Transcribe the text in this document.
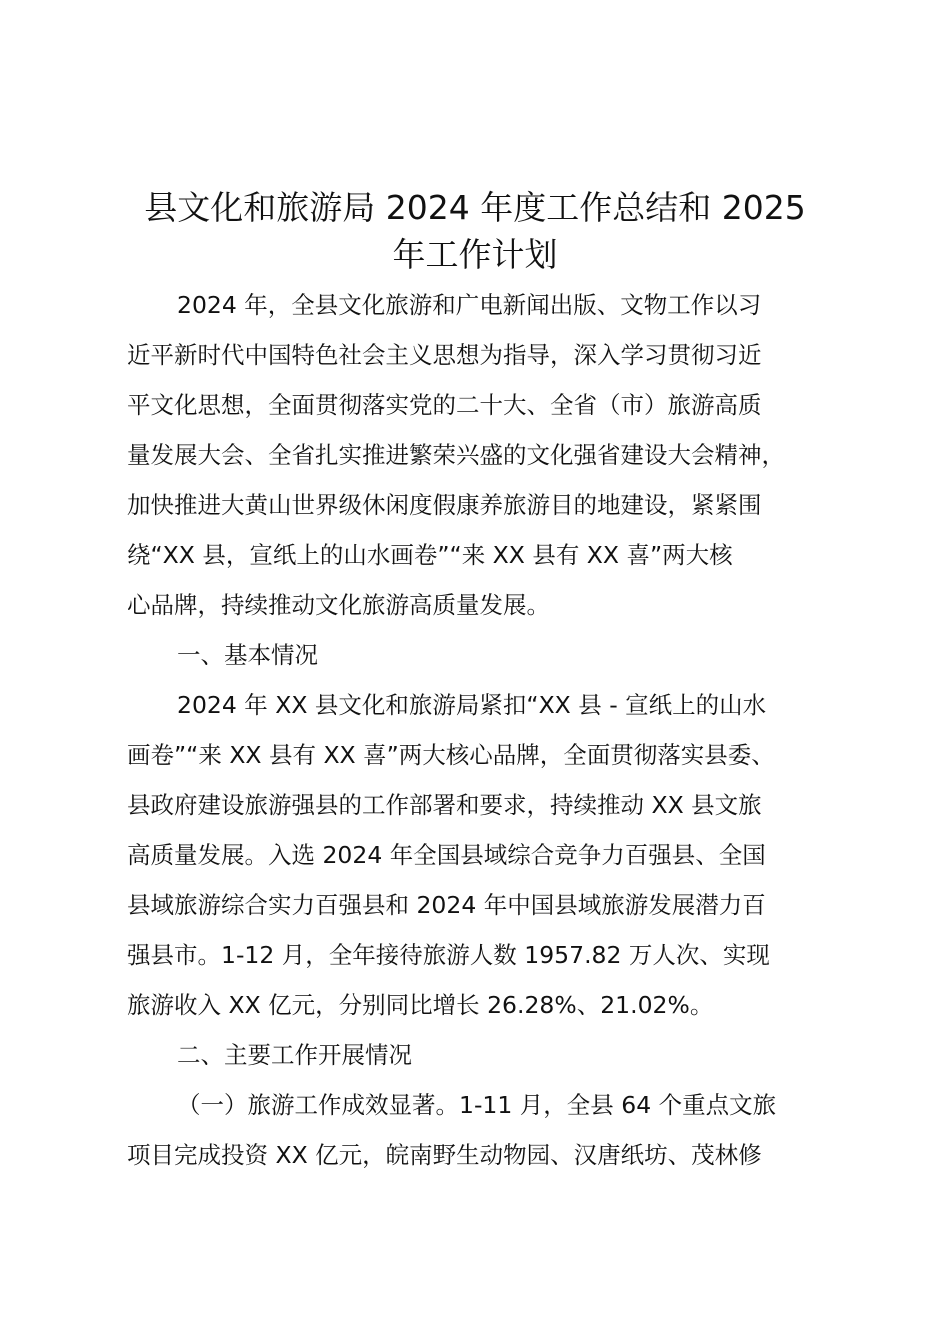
县文化和旅游局 2024 年度工作总结和 2025
年工作计划
2024 年，全县文化旅游和广电新闻出版、文物工作以习
近平新时代中国特色社会主义思想为指导，深入学习贯彻习近
平文化思想，全面贯彻落实党的二十大、全省（市）旅游高质
量发展大会、全省扎实推进繁荣兴盛的文化强省建设大会精神，
加快推进大黄山世界级休闲度假康养旅游目的地建设，紧紧围
绕“XX 县，宣纸上的山水画卷”“来 XX 县有 XX 喜”两大核
心品牌，持续推动文化旅游高质量发展。
一、基本情况
2024 年 XX 县文化和旅游局紧扣“XX 县 - 宣纸上的山水
画卷”“来 XX 县有 XX 喜”两大核心品牌，全面贯彻落实县委、
县政府建设旅游强县的工作部署和要求，持续推动 XX 县文旅
高质量发展。入选 2024 年全国县域综合竞争力百强县、全国
县域旅游综合实力百强县和 2024 年中国县域旅游发展潜力百
强县市。1-12 月，全年接待旅游人数 1957.82 万人次、实现
旅游收入 XX 亿元，分别同比增长 26.28%、21.02%。
二、主要工作开展情况
（一）旅游工作成效显著。1-11 月，全县 64 个重点文旅
项目完成投资 XX 亿元，皖南野生动物园、汉唐纸坊、茂林修
